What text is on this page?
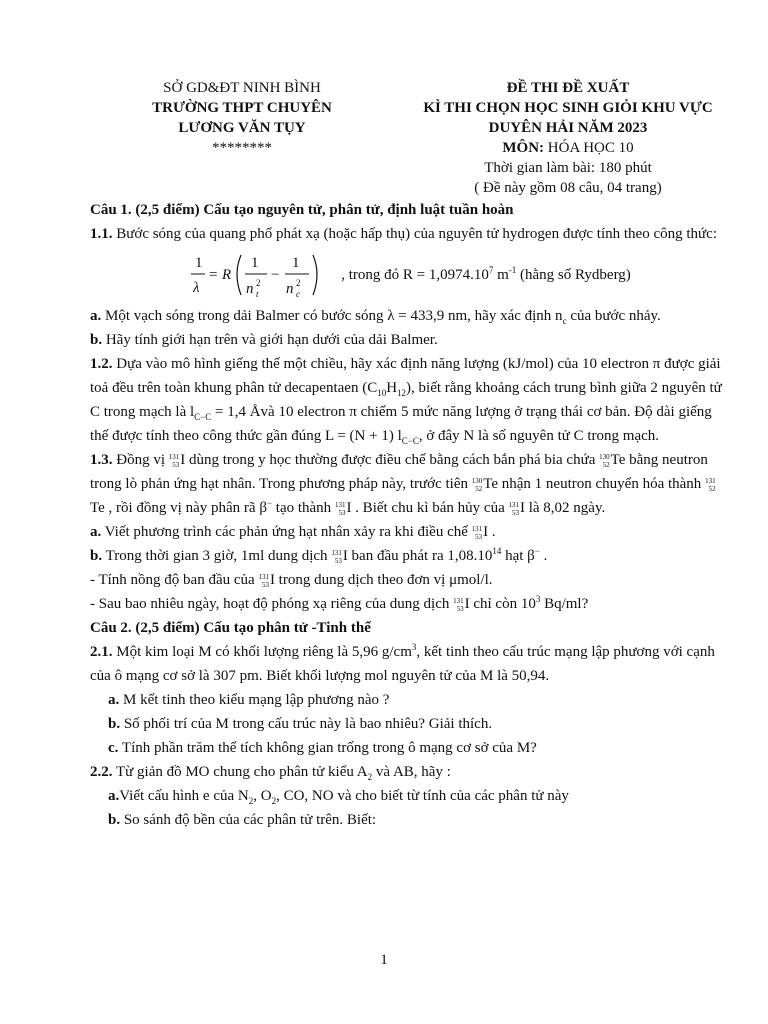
SỞ GD&ĐT NINH BÌNH
TRƯỜNG THPT CHUYÊN
LƯƠNG VĂN TỤY
********
ĐỀ THI ĐỀ XUẤT
KÌ THI CHỌN HỌC SINH GIỎI KHU VỰC
DUYÊN HẢI NĂM 2023
MÔN: HÓA HỌC 10
Thời gian làm bài: 180 phút
( Đề này gồm 08 câu, 04 trang)

Câu 1. (2,5 điểm) Cấu tạo nguyên tử, phân tử, định luật tuần hoàn

1.1. Bước sóng của quang phổ phát xạ (hoặc hấp thụ) của nguyên tử hydrogen được tính theo công thức:

1
λ
= R
1
n t
2 −
1
n c
2	, trong đó $R = 1,0974.10^7$ $m^{-1}$ (hằng số Rydberg)

a. Một vạch sóng trong dải Balmer có bước sóng λ = 433,9 nm, hãy xác định $n_c$ của bước nhảy.

b. Hãy tính giới hạn trên và giới hạn dưới của dải Balmer.

1.2. Dựa vào mô hình giếng thế một chiều, hãy xác định năng lượng (kJ/mol) của 10 electron π được giải toả đều trên toàn khung phân tử decapentaen $(C_{10}H_{12})$, biết rằng khoảng cách trung bình giữa 2 nguyên tử C trong mạch là $l_{C-C} = 1,4$ Åvà 10 electron π chiếm 5 mức năng lượng ở trạng thái cơ bản. Độ dài giếng thế được tính theo công thức gần đúng L = (N + 1) $l_{C-C}$, ở đây N là số nguyên tử C trong mạch.

1.3. Đồng vị 131
53 I dùng trong y học thường được điều chế bằng cách bắn phá bia chứa 130
52 Te bằng neutron trong lò phản ứng hạt nhân. Trong phương pháp này, trước tiên 130
52 Te nhận 1 neutron chuyển hóa thành 131
52
Te , rồi đồng vị này phân rã β− tạo thành 131
53 I . Biết chu kì bán hủy của 131
53 I là 8,02 ngày.

a. Viết phương trình các phản ứng hạt nhân xảy ra khi điều chế 131
53 I .

b. Trong thời gian 3 giờ, 1ml dung dịch 131
53 I ban đầu phát ra 1,08.10$^{14}$ hạt β− .

- Tính nồng độ ban đầu của 131
53 I trong dung dịch theo đơn vị μmol/l.

- Sau bao nhiêu ngày, hoạt độ phóng xạ riêng của dung dịch 131
53 I chỉ còn $10^3$ Bq/ml?

Câu 2. (2,5 điểm) Cấu tạo phân tử -Tinh thể

2.1. Một kim loại M có khối lượng riêng là 5,96 $g/cm^3$, kết tinh theo cấu trúc mạng lập phương với cạnh của ô mạng cơ sở là 307 pm. Biết khối lượng mol nguyên tử của M là 50,94.

a. M kết tinh theo kiểu mạng lập phương nào ?

b. Số phối trí của M trong cấu trúc này là bao nhiêu? Giải thích.

c. Tính phần trăm thể tích không gian trống trong ô mạng cơ sở của M?

2.2. Từ giản đồ MO chung cho phân tử kiểu $A_2$ và AB, hãy :

a.Viết cấu hình e của $N_2$, $O_2$, CO, NO và cho biết từ tính của các phân tử này

b. So sánh độ bền của các phân tử trên. Biết:

1
